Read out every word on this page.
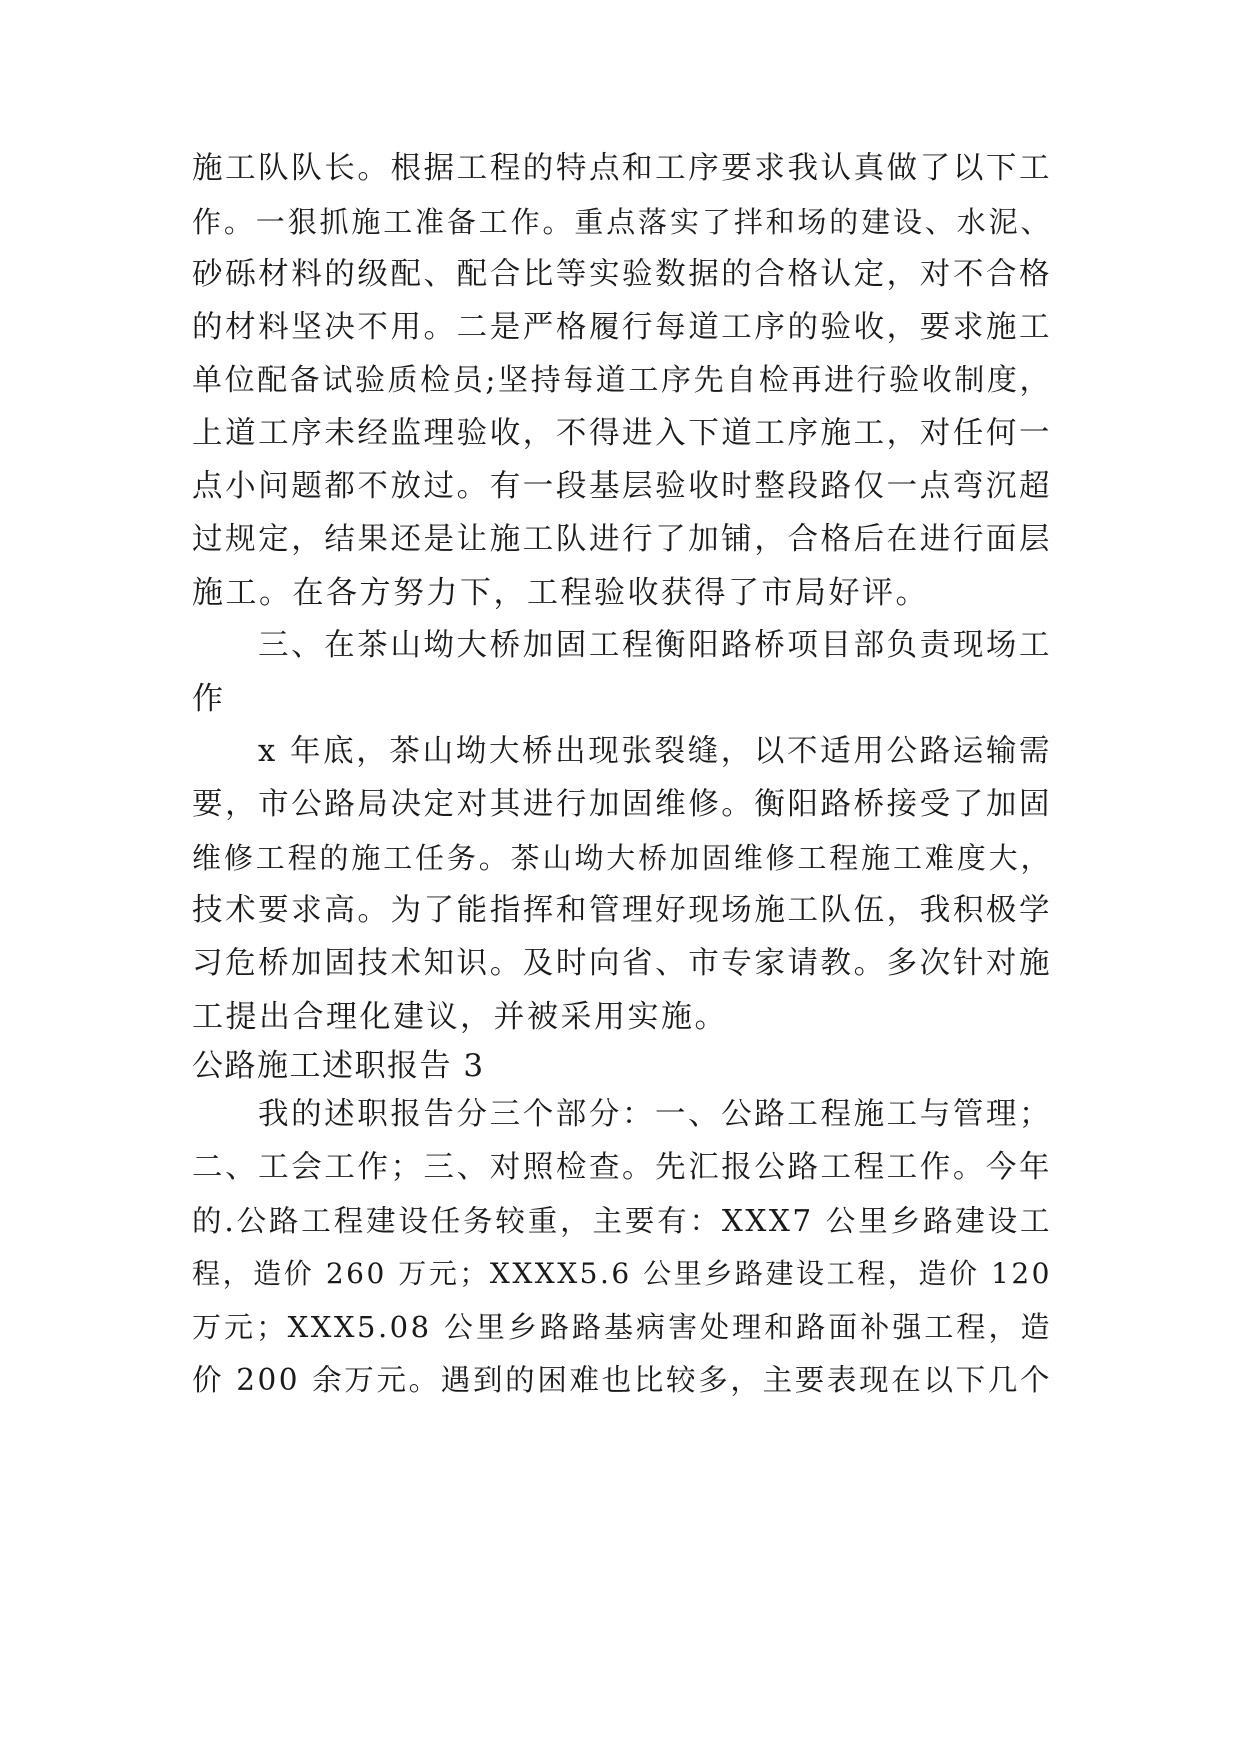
施工队队长。根据工程的特点和工序要求我认真做了以下工
作。一狠抓施工准备工作。重点落实了拌和场的建设、水泥、
砂砾材料的级配、配合比等实验数据的合格认定，对不合格
的材料坚决不用。二是严格履行每道工序的验收，要求施工
单位配备试验质检员;坚持每道工序先自检再进行验收制度，
上道工序未经监理验收，不得进入下道工序施工，对任何一
点小问题都不放过。有一段基层验收时整段路仅一点弯沉超
过规定，结果还是让施工队进行了加铺，合格后在进行面层
施工。在各方努力下，工程验收获得了市局好评。
三、在茶山坳大桥加固工程衡阳路桥项目部负责现场工
作
x 年底，茶山坳大桥出现张裂缝，以不适用公路运输需
要，市公路局决定对其进行加固维修。衡阳路桥接受了加固
维修工程的施工任务。茶山坳大桥加固维修工程施工难度大，
技术要求高。为了能指挥和管理好现场施工队伍，我积极学
习危桥加固技术知识。及时向省、市专家请教。多次针对施
工提出合理化建议，并被采用实施。
公路施工述职报告 3
我的述职报告分三个部分：一、公路工程施工与管理；
二、工会工作；三、对照检查。先汇报公路工程工作。今年
的.公路工程建设任务较重，主要有：XXX7 公里乡路建设工
程，造价 260 万元；XXXX5.6 公里乡路建设工程，造价 120
万元；XXX5.08 公里乡路路基病害处理和路面补强工程，造
价 200 余万元。遇到的困难也比较多，主要表现在以下几个
